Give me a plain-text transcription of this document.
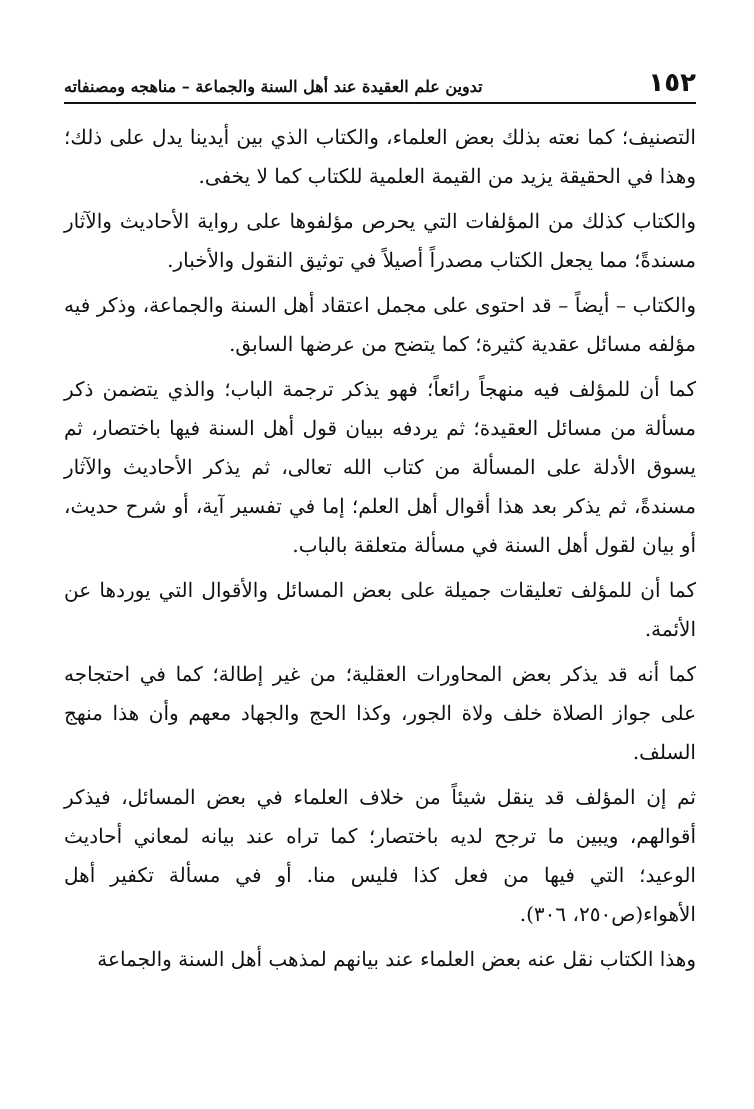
١٥٢
تدوين علم العقيدة عند أهل السنة والجماعة – مناهجه ومصنفاته

التصنيف؛ كما نعته بذلك بعض العلماء، والكتاب الذي بين أيدينا يدل على ذلك؛ وهذا في الحقيقة يزيد من القيمة العلمية للكتاب كما لا يخفى.

والكتاب كذلك من المؤلفات التي يحرص مؤلفوها على رواية الأحاديث والآثار مسندةً؛ مما يجعل الكتاب مصدراً أصيلاً في توثيق النقول والأخبار.

والكتاب – أيضاً – قد احتوى على مجمل اعتقاد أهل السنة والجماعة، وذكر فيه مؤلفه مسائل عقدية كثيرة؛ كما يتضح من عرضها السابق.

كما أن للمؤلف فيه منهجاً رائعاً؛ فهو يذكر ترجمة الباب؛ والذي يتضمن ذكر مسألة من مسائل العقيدة؛ ثم يردفه ببيان قول أهل السنة فيها باختصار، ثم يسوق الأدلة على المسألة من كتاب الله تعالى، ثم يذكر الأحاديث والآثار مسندةً، ثم يذكر بعد هذا أقوال أهل العلم؛ إما في تفسير آية، أو شرح حديث، أو بيان لقول أهل السنة في مسألة متعلقة بالباب.

كما أن للمؤلف تعليقات جميلة على بعض المسائل والأقوال التي يوردها عن الأئمة.

كما أنه قد يذكر بعض المحاورات العقلية؛ من غير إطالة؛ كما في احتجاجه على جواز الصلاة خلف ولاة الجور، وكذا الحج والجهاد معهم وأن هذا منهج السلف.

ثم إن المؤلف قد ينقل شيئاً من خلاف العلماء في بعض المسائل، فيذكر أقوالهم، ويبين ما ترجح لديه باختصار؛ كما تراه عند بيانه لمعاني أحاديث الوعيد؛ التي فيها من فعل كذا فليس منا. أو في مسألة تكفير أهل الأهواء(ص٢٥٠، ٣٠٦).

وهذا الكتاب نقل عنه بعض العلماء عند بيانهم لمذهب أهل السنة والجماعة
